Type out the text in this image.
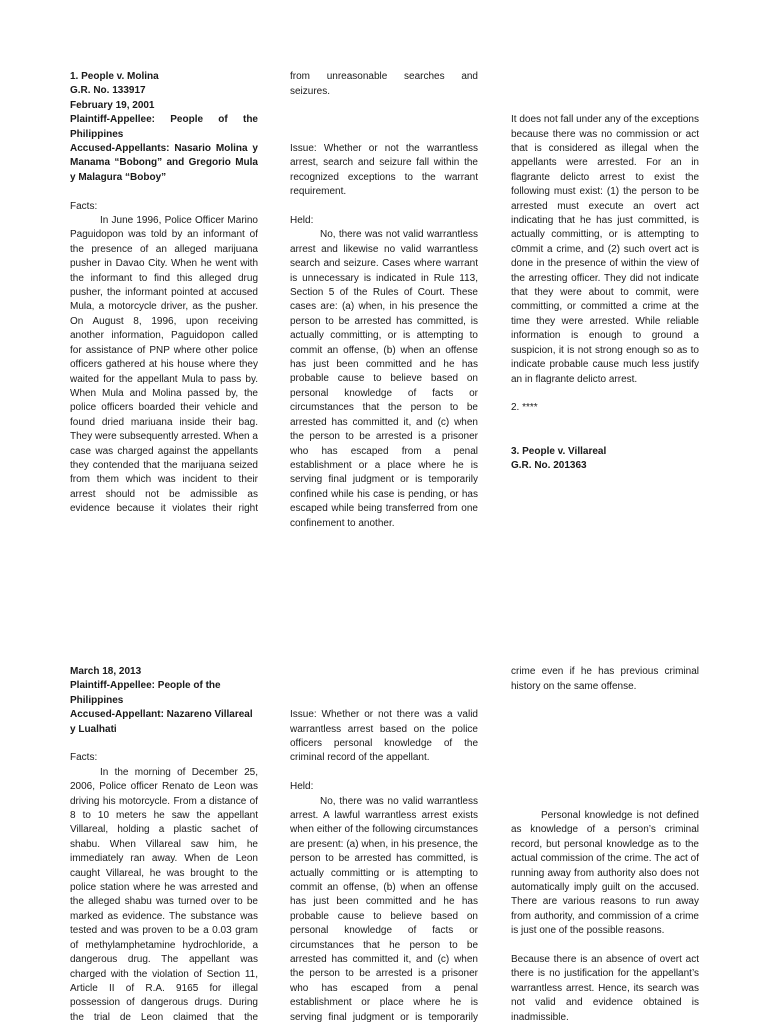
1. People v. Molina
G.R. No. 133917
February 19, 2001
Plaintiff-Appellee: People of the Philippines
Accused-Appellants: Nasario Molina y Manama “Bobong” and Gregorio Mula y Malagura “Boboy”

Facts:

In June 1996, Police Officer Marino Paguidopon was told by an informant of the presence of an alleged marijuana pusher in Davao City. When he went with the informant to find this alleged drug pusher, the informant pointed at accused Mula, a motorcycle driver, as the pusher. On August 8, 1996, upon receiving another information, Paguidopon called for assistance of PNP where other police officers gathered at his house where they waited for the appellant Mula to pass by. When Mula and Molina passed by, the police officers boarded their vehicle and found dried mariuana inside their bag. They were subsequently arrested. When a case was charged against the appellants they contended that the marijuana seized from them which was incident to their arrest should not be admissible as evidence because it violates their right

from unreasonable searches and seizures.

Issue: Whether or not the warrantless arrest, search and seizure fall within the recognized exceptions to the warrant requirement.

Held:

No, there was not valid warrantless arrest and likewise no valid warrantless search and seizure. Cases where warrant is unnecessary is indicated in Rule 113, Section 5 of the Rules of Court. These cases are: (a) when, in his presence the person to be arrested has committed, is actually committing, or is attempting to commit an offense, (b) when an offense has just been committed and he has probable cause to believe based on personal knowledge of facts or circumstances that the person to be arrested has committed it, and (c) when the person to be arrested is a prisoner who has escaped from a penal establishment or a place where he is serving final judgment or is temporarily confined while his case is pending, or has escaped while being transferred from one confinement to another.

It does not fall under any of the exceptions because there was no commission or act that is considered as illegal when the appellants were arrested. For an in flagrante delicto arrest to exist the following must exist: (1) the person to be arrested must execute an overt act indicating that he has just committed, is actually committing, or is attempting to c0mmit a crime, and (2) such overt act is done in the presence of within the view of the arresting officer. They did not indicate that they were about to commit, were committing, or committed a crime at the time they were arrested. While reliable information is enough to ground a suspicion, it is not strong enough so as to indicate probable cause much less justify an in flagrante delicto arrest.

2. ****

3. People v. Villareal
G.R. No. 201363

March 18, 2013
Plaintiff-Appellee: People of the Philippines
Accused-Appellant: Nazareno Villareal y Lualhati

Facts:

In the morning of December 25, 2006, Police officer Renato de Leon was driving his motorcycle. From a distance of 8 to 10 meters he saw the appellant Villareal, holding a plastic sachet of shabu. When Villareal saw him, he immediately ran away. When de Leon caught Villareal, he was brought to the police station where he was arrested and the alleged shabu was turned over to be marked as evidence. The substance was tested and was proven to be a 0.03 gram of methylamphetamine hydrochloride, a dangerous drug. The appellant was charged with the violation of Section 11, Article II of R.A. 9165 for illegal possession of dangerous drugs. During the trial de Leon claimed that the

Issue: Whether or not there was a valid warrantless arrest based on the police officers personal knowledge of the criminal record of the appellant.

Held:

No, there was no valid warrantless arrest. A lawful warrantless arrest exists when either of the following circumstances are present: (a) when, in his presence, the person to be arrested has committed, is actually committing or is attempting to commit an offense, (b) when an offense has just been committed and he has probable cause to believe based on personal knowledge of facts or circumstances that he person to be arrested has committed it, and (c) when the person to be arrested is a prisoner who has escaped from a penal establishment or place where he is serving final judgment or is temporarily

crime even if he has previous criminal history on the same offense.

Personal knowledge is not defined as knowledge of a person’s criminal record, but personal knowledge as to the actual commission of the crime. The act of running away from authority also does not automatically imply guilt on the accused. There are various reasons to run away from authority, and commission of a crime is just one of the possible reasons.

Because there is an absence of overt act there is no justification for the appellant’s warrantless arrest. Hence, its search was not valid and evidence obtained is inadmissible.
